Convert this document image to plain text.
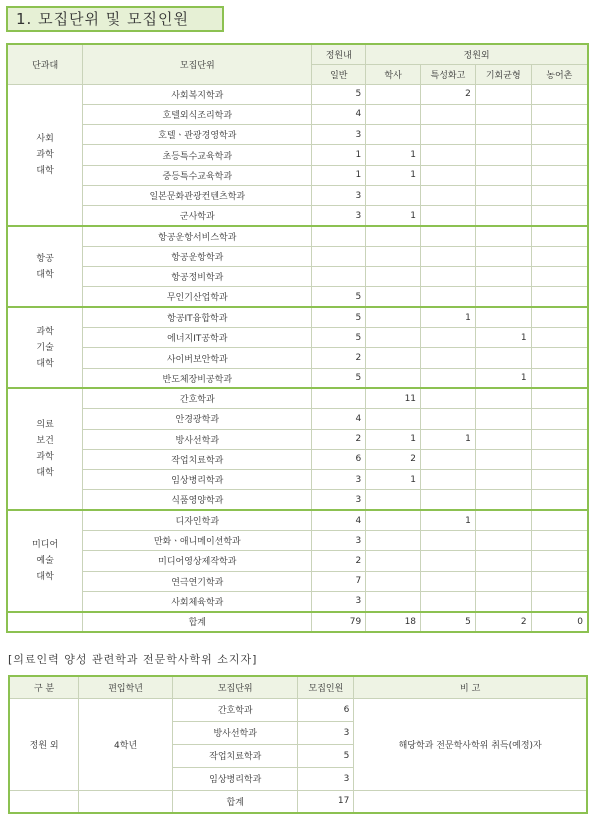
1. 모집단위 및 모집인원
단과대	모집단위	정원내	정원외			
		일반	학사	특성화고	기회균형	농어촌

사회
과학
대학	사회복지학과	5		2		
	호텔외식조리학과	4				
	호텔ㆍ관광경영학과	3				
	초등특수교육학과	1	1			
	중등특수교육학과	1	1			
	일본문화관광컨텐츠학과	3				
	군사학과	3	1			

항공
대학	항공운항서비스학과					
	항공운항학과					
	항공정비학과					
	무인기산업학과	5				

과학
기술
대학	항공IT융합학과	5		1		
	에너지IT공학과	5			1	
	사이버보안학과	2				
	반도체장비공학과	5			1	

의료
보건
과학
대학	간호학과		11			
	안경광학과	4				
	방사선학과	2	1	1		
	작업치료학과	6	2			
	임상병리학과	3	1			
	식품영양학과	3				

미디어
예술
대학	디자인학과	4		1		
	만화ㆍ애니메이션학과	3				
	미디어영상제작학과	2				
	연극연기학과	7				
	사회체육학과	3				
	합계	79	18	5	2	0
[의료인력 양성 관련학과 전문학사학위 소지자]
구 분	편입학년	모집단위	모집인원	비 고
정원 외	4학년	간호학과	6	해당학과 전문학사학위 취득(예정)자
		방사선학과	3	
		작업치료학과	5	
		임상병리학과	3	
		합계	17	
